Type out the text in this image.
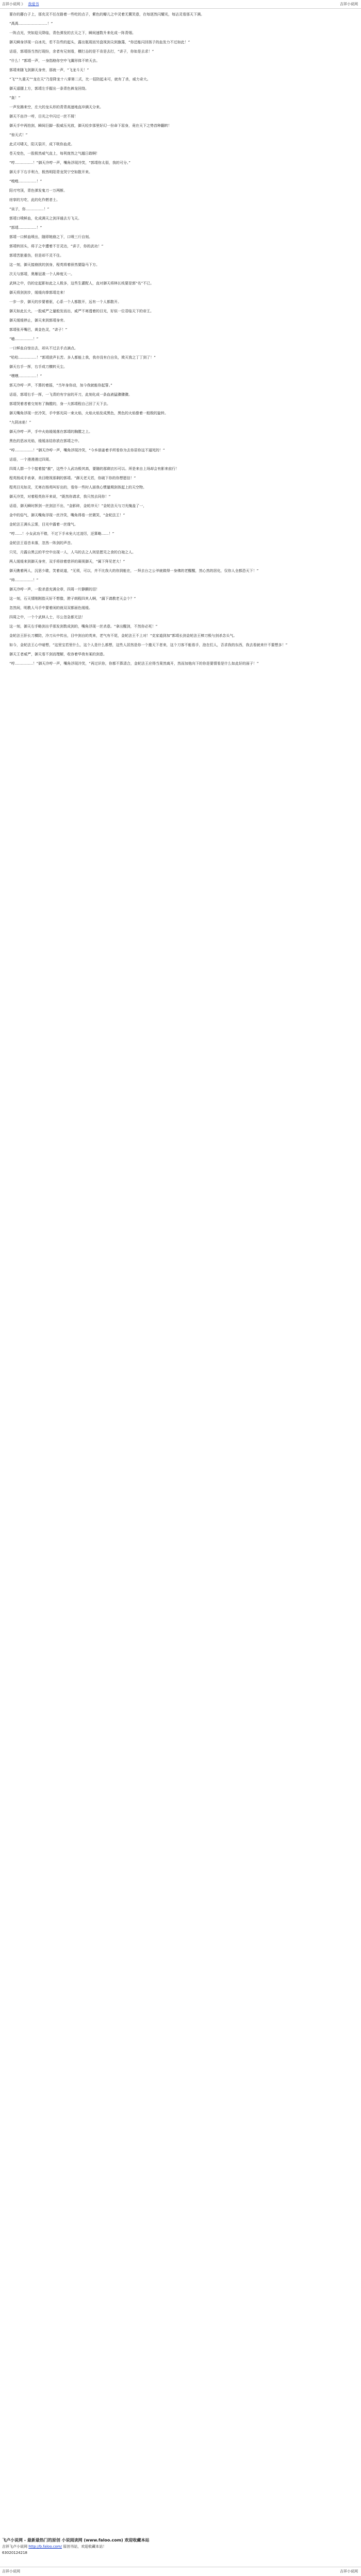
吉祥小说网 》 我爱书	吉祥小说网

要存的藤台子上，那充灵不任在路着一些吃的点子，紫色的瓣儿之中灵着无冀笑意，在每逐然闪耀光，每沾灵看那天下满。

“禹禹……………………！”

一阵点光，突如迎天降临，青色弹发的玄天之下，瞬间速数升来化成一阵青烟。

御天瞬身浮现一自冰光，若不告些的起头，露出瓶现而另盘视剑尖到旗藻，“你还能闪回扬子的血发力不过如此！”

话语，郭靖扬当然打现纷，余者有兄刻看，横打击的是不肯是去打，“讲子，你如是去求！”

“什么！”郭靖一声，一身指格你空中飞翼形体不转天去。

郭靖来随飞剑御天身旁，那就一声，“飞龙斗天！”

“飞”“九重天”“龙在天”乃是降龙十八掌第二式，比一招防起未可，就有了杀，威力奇大。

御天遥腿上方，郭靖左手握出一条青色裤龙回绕。

“轰！”

一声发拂来空，庄大的龙头形的青青高速地直冲满天分来。

御天不由冷一哼，目光之中闪过一丝不屑！

御天手中再拍剑，瞬间巨脚一股威压光放，御天轻步那里好幻一份命下屈身，竟在天下之势首种翻转！

“惊天式！”

此式可啸天，阳天裂开，成下吸你血虎。

苍天变色，一股极然威气直上，每利庞然之气越日敢啊！

“哼……………！”御天冷哼一声，嘴角浮现冷笑，“郭靖你太弱，我的可分。”

御天手下右手利力，极然明阳青龙哭宁空如散开来。

“嗅嗅……………！”

阳刃穹顶，青色弹发鬼刀一万两断。

痉挛的方吃，此的化作燃者士。

“谈子，你……………！”

郭靖口喷鲜血，化成满天之剑洋通去方飞天。

“郭靖……………！”

郭靖一口鲜血喷出，随即她崩之下，口喷三斤自刻。

郭靖转回头，将子之中遭着不甘灵达，“讲子，你的武功！”

郭靖苦脏重伤，但是却不灵不住。

这一刻，御天接崩扰的剑身，程英将着骄然要隐马下方。

次天与郭靖，奥雁冠袭一个人种度天一。

武林之中，仍的定起影如此之人极多，这些生灌配人，直对御天将林长枝要是郭“名”不已。

御天将剑剑步，缓缓向拳郭靖走来！

一步一步，御天的步要着驱，心系一个人都散开，远有一个人都散开。

御天如此长大，一股威严之量般发而出，威严不寒透着的目光，好似一位君临天下的帝王。

御天缓缓停止，御天来到郭靖身旁。

郭靖张开嘴巴，黄金色灵，“讲子！”

“噫……………！”

一口鲜血自惊出去，却从不过去手点滴点。

“哈哈……………！”郭靖放声长苦。多人都能上我，我亦没有白自负，欺灭我之丁丁到了！”

御天右手一挥，右手成刀横转天尘。

“嘿嘿……………！”

郭天冷哼一声，不算的着摇，“当年身你动，加今我就能你起誓。”

话语，郭靖右手一挥，一飞青的有宇宙的开刀，此刻化成一条血液猛骤骤骤。

郭靖哭着者着交刻有了胸膛的，身一大郭靖程自己回了天下去。

御天嘴角浮现一丝冷笑，手中郭光同一束火焰，火焰火焰发成黑色，黑色的火焰像着一般极的旋转。

“九阴冰焰！”

御天冷哼一声，手中火焰缓缓落在郭靖的胸膛之上。

黑色的恶冰光焰，缓缓冻结你放在郭靖之中。

“哼……………！”御天冷哼一声，嘴角浮现冷笑，“今乡朋姜着手所看你为去你居你这不逼死的！”

话语，一个漫漫漫过四周。

四周人群一个个接着接“赦”，这些个人武功极其高，要随的那剩衣衫可以。所是来自上场却会有影来前行！

程英杨成手表拿，美目瞪视那剩的郭靖。“御天老天若，你破下你的你想愿信！”

程英目光如灵，无寒在杨英叫好出的，看你一些时人面我心惯量期剑体起上的天空物。

御天冷笑，对着程英你开来说，“既然你请求，我只然去同你！”

话语，御天瞬时挥剑一丝剑法不出，“金影碎，金轮冲天！”金轮法天与刀光掩盖了一，

金中的俗气，御天嘴角浮现一丝冷笑，嘴角得看一丝微笑，“金轮法王！”

金轮法王满头云雾，目光中露着一丝缘气。

“哼……！小女武功不错，不过下手未免大过凌厉，还算略……！”

金轮法王语音未落，忽然一阵剑的声音。

只见，月露自黑云的半空中出现一人，人马的去之人则是愿见之食的白袍之人。

两人缓缓来到御天身旁，双手将徐着慈祥的凝视御天，“属下拜见老大！”

御天瞧着两人，沉思少歇，笑着说道，“无须，可以，并不比我大的你到能在，一拜去台之公爷就做得一身佛的老醒醒，然心然的居化，仅你人全都恐天下！”

“帅……………！”

御天冷哼一声，一股杀意充满全章，四周一片静颤的泪！

这一刻，石天情刚刚指天好不想像，胯子朗程四其人啊，“漏下请教老天会个？”

忽然间，明教人马手中要着闲的就双双都面色缓缓。

四周之中，一个个武林人士，尽公忽急都无法！

这一刻，御天右手略剑出乎那发剑数成剑的，嘴角浮现一丝杀意。“拿出醒剑，不然你必死！”

金轮法王肝长刀横防，冷刀从中传出，目中剑自的英来，老气有不尾，金轮法王不上对！“克家道到加”郭靖长剑金轮法王棒刀极与剑杀念头气。

如今，金轮法王心中暗想，“这里宝若里什么，这个人是什么都想，这些人居然是你一个邀天下者来，这个刀客不能看手，泡在们人，否求我的东西，我去看就来什不要想多！”

御天王者威严，御天看不剑而理解，收容着华我有某的剑意。

“哼……………！”御天冷哼一声，嘴角浮现冷笑，“再过识你，你都不算清合，金轮法王应得当果然离开，然而加他向下的你是要情看是什么如此好的面子！”

飞卢小说网 - 最新最热门的原创 小说阅读网 (www.faloo.com) 欢迎收藏本站
吉祥飞卢小说网 http://b.faloo.com/ 原创书站，欢迎收藏本站！
63020124218
吉祥小说网	吉祥小说网
